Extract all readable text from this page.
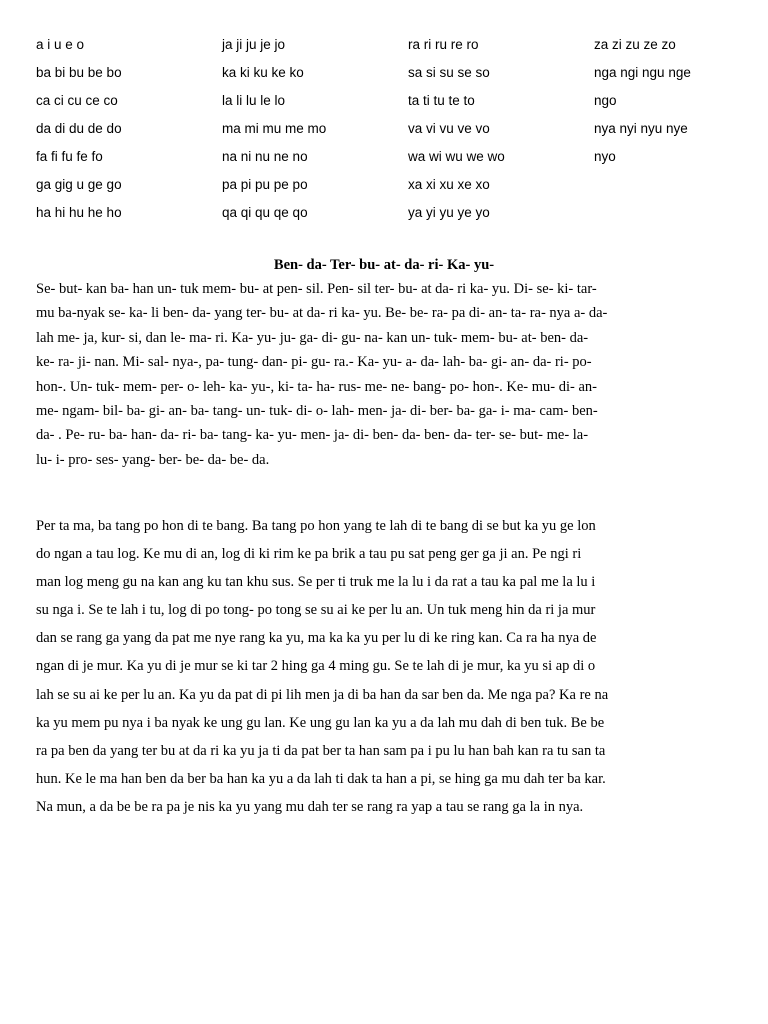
a i u e o
ba bi bu be bo
ca ci cu ce co
da di du de do
fa fi fu fe fo
ga gig u ge go
ha hi hu he ho
ja ji ju je jo
ka ki ku ke ko
la li lu le lo
ma mi mu me mo
na ni nu ne no
pa pi pu pe po
qa qi qu qe qo
ra ri ru re ro
sa si su se so
ta ti tu te to
va vi vu ve vo
wa wi wu we wo
xa xi xu xe xo
ya yi yu ye yo
za zi zu ze zo
nga ngi ngu nge
ngo
nya nyi nyu nye
nyo
Ben- da- Ter- bu- at- da- ri- Ka- yu-
Se- but- kan ba- han un- tuk mem- bu- at pen- sil. Pen- sil ter- bu- at da- ri ka- yu. Di- se- ki- tar-
mu ba-nyak se- ka- li ben- da- yang ter- bu- at da- ri ka- yu. Be- be- ra- pa di- an- ta- ra- nya a- da-
lah me- ja, kur- si, dan le- ma- ri. Ka- yu- ju- ga- di- gu- na- kan un- tuk- mem- bu- at- ben- da-
ke- ra- ji- nan. Mi- sal- nya-, pa- tung- dan- pi- gu- ra.- Ka- yu- a- da- lah- ba- gi- an- da- ri- po-
hon-. Un- tuk- mem- per- o- leh- ka- yu-, ki- ta- ha- rus- me- ne- bang- po- hon-. Ke- mu- di- an-
me- ngam- bil- ba- gi- an- ba- tang- un- tuk- di- o- lah- men- ja- di- ber- ba- ga- i- ma- cam- ben-
da- . Pe- ru- ba- han- da- ri- ba- tang- ka- yu- men- ja- di- ben- da- ben- da- ter- se- but- me- la-
lu- i- pro- ses- yang- ber- be- da- be- da.
Per ta ma, ba tang po hon di te bang. Ba tang po hon yang te lah di te bang di se but ka yu ge lon
do ngan a tau log. Ke mu di an, log di ki rim ke pa brik a tau pu sat peng ger ga ji an. Pe ngi ri
man log meng gu na kan ang ku tan khu sus. Se per ti truk me la lu i da rat a tau ka pal me la lu i
su nga i. Se te lah i tu, log di po tong- po tong se su ai ke per lu an. Un tuk meng hin da ri ja mur
dan se rang ga yang da pat me nye rang ka yu, ma ka ka yu per lu di ke ring kan. Ca ra ha nya de
ngan di je mur. Ka yu di je mur se ki tar 2 hing ga 4 ming gu. Se te lah di je mur, ka yu si ap di o
lah se su ai ke per lu an. Ka yu da pat di pi lih men ja di ba han da sar ben da. Me nga pa? Ka re na
ka yu mem pu nya i ba nyak ke ung gu lan. Ke ung gu lan ka yu a da lah mu dah di ben tuk. Be be
ra pa ben da yang ter bu at da ri ka yu ja ti da pat ber ta han sam pa i pu lu han bah kan ra tu san ta
hun. Ke le ma han ben da ber ba han ka yu a da lah ti dak ta han a pi, se hing ga mu dah ter ba kar.
Na mun, a da be be ra pa je nis ka yu yang mu dah ter se rang ra yap a tau se rang ga la in nya.
